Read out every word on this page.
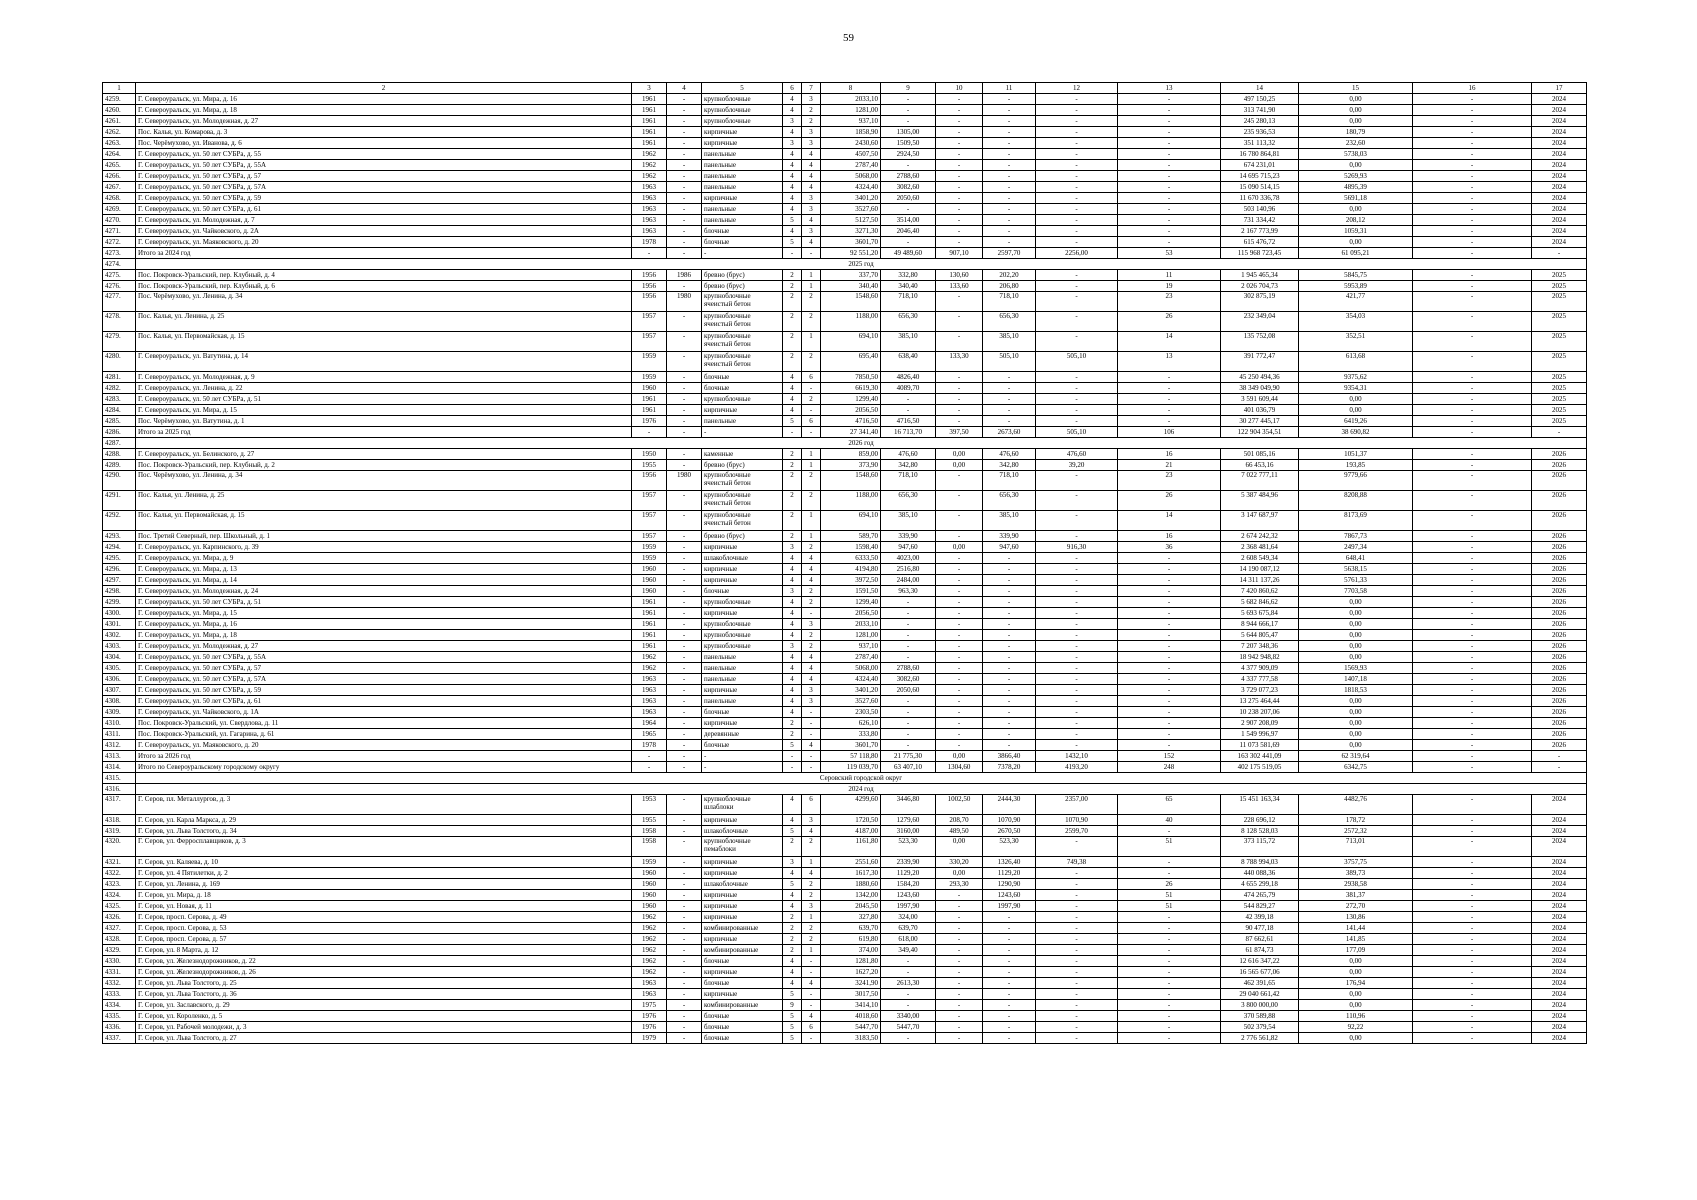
59
1	2	3	4	5	6	7	8	9	10	11	12	13	14	15	16	17
4259.	Г. Североуральск, ул. Мира, д. 16	1961	-	крупноблочные	4	3	2033,10	-	-	-	-	-	497 150,25	0,00	-	2024
4260.	Г. Североуральск, ул. Мира, д. 18	1961	-	крупноблочные	4	2	1281,00	-	-	-	-	-	313 741,90	0,00	-	2024
4261.	Г. Североуральск, ул. Молодежная, д. 27	1961	-	крупноблочные	3	2	937,10	-	-	-	-	-	245 280,13	0,00	-	2024
4262.	Пос. Калья, ул. Комарова, д. 3	1961	-	кирпичные	4	3	1858,90	1305,00	-	-	-	-	235 936,53	180,79	-	2024
4263.	Пос. Черёмухово, ул. Иванова, д. 6	1961	-	кирпичные	3	3	2430,60	1509,50	-	-	-	-	351 113,32	232,60	-	2024
4264.	Г. Североуральск, ул. 50 лет СУБРа, д. 55	1962	-	панельные	4	4	4507,50	2924,50	-	-	-	-	16 780 864,81	5738,03	-	2024
4265.	Г. Североуральск, ул. 50 лет СУБРа, д. 55А	1962	-	панельные	4	4	2787,40	-	-	-	-	-	674 231,01	0,00	-	2024
4266.	Г. Североуральск, ул. 50 лет СУБРа, д. 57	1962	-	панельные	4	4	5068,00	2788,60	-	-	-	-	14 695 715,23	5269,93	-	2024
4267.	Г. Североуральск, ул. 50 лет СУБРа, д. 57А	1963	-	панельные	4	4	4324,40	3082,60	-	-	-	-	15 090 514,15	4895,39	-	2024
4268.	Г. Североуральск, ул. 50 лет СУБРа, д. 59	1963	-	кирпичные	4	3	3401,20	2050,60	-	-	-	-	11 670 336,78	5691,18	-	2024
4269.	Г. Североуральск, ул. 50 лет СУБРа, д. 61	1963	-	панельные	4	3	3527,60	-	-	-	-	-	503 140,96	0,00	-	2024
4270.	Г. Североуральск, ул. Молодежная, д. 7	1963	-	панельные	5	4	5127,50	3514,00	-	-	-	-	731 334,42	208,12	-	2024
4271.	Г. Североуральск, ул. Чайковского, д. 2А	1963	-	блочные	4	3	3271,30	2046,40	-	-	-	-	2 167 773,99	1059,31	-	2024
4272.	Г. Североуральск, ул. Маяковского, д. 20	1978	-	блочные	5	4	3601,70	-	-	-	-	-	615 476,72	0,00	-	2024
4273.	Итого за 2024 год	-	-	-	-	-	92 551,20	49 489,60	907,10	2597,70	2256,00	53	115 968 723,45	61 095,21	-	-
4274.	2025 год															
4275.	Пос. Покровск-Уральский, пер. Клубный, д. 4	1956	1986	бревно (брус)	2	1	337,70	332,80	130,60	202,20	-	11	1 945 465,34	5845,75	-	2025
4276.	Пос. Покровск-Уральский, пер. Клубный, д. 6	1956	-	бревно (брус)	2	1	340,40	340,40	133,60	206,80	-	19	2 026 704,73	5953,89	-	2025
4277.	Пос. Черёмухово, ул. Ленина, д. 34	1956	1980	крупноблочные ячеистый бетон	2	2	1548,60	718,10	-	718,10	-	23	302 875,19	421,77	-	2025
4278.	Пос. Калья, ул. Ленина, д. 25	1957	-	крупноблочные ячеистый бетон	2	2	1188,00	656,30	-	656,30	-	26	232 349,04	354,03	-	2025
4279.	Пос. Калья, ул. Первомайская, д. 15	1957	-	крупноблочные ячеистый бетон	2	1	694,10	385,10	-	385,10	-	14	135 752,08	352,51	-	2025
4280.	Г. Североуральск, ул. Ватутина, д. 14	1959	-	крупноблочные ячеистый бетон	2	2	695,40	638,40	133,30	505,10	505,10	13	391 772,47	613,68	-	2025
4281.	Г. Североуральск, ул. Молодежная, д. 9	1959	-	блочные	4	6	7850,50	4826,40	-	-	-	-	45 250 494,36	9375,62	-	2025
4282.	Г. Североуральск, ул. Ленина, д. 22	1960	-	блочные	4	-	6619,30	4089,70	-	-	-	-	38 349 049,90	9354,31	-	2025
4283.	Г. Североуральск, ул. 50 лет СУБРа, д. 51	1961	-	крупноблочные	4	2	1299,40	-	-	-	-	-	3 591 609,44	0,00	-	2025
4284.	Г. Североуральск, ул. Мира, д. 15	1961	-	кирпичные	4	-	2056,50	-	-	-	-	-	401 036,79	0,00	-	2025
4285.	Пос. Черёмухово, ул. Ватутина, д. 1	1976	-	панельные	5	6	4716,50	4716,50	-	-	-	-	30 277 445,17	6419,26	-	2025
4286.	Итого за 2025 год	-	-	-	-	-	27 341,40	16 713,70	397,50	2673,60	505,10	106	122 904 354,51	38 690,82	-	-
4287.	2026 год															
4288.	Г. Североуральск, ул. Белинского, д. 27	1950	-	каменные	2	1	859,00	476,60	0,00	476,60	476,60	16	501 085,16	1051,37	-	2026
4289.	Пос. Покровск-Уральский, пер. Клубный, д. 2	1955	-	бревно (брус)	2	1	373,90	342,80	0,00	342,80	39,20	21	66 453,16	193,85	-	2026
4290.	Пос. Черёмухово, ул. Ленина, д. 34	1956	1980	крупноблочные ячеистый бетон	2	2	1548,60	718,10	-	718,10	-	23	7 022 777,11	9779,66	-	2026
4291.	Пос. Калья, ул. Ленина, д. 25	1957	-	крупноблочные ячеистый бетон	2	2	1188,00	656,30	-	656,30	-	26	5 387 484,96	8208,88	-	2026
4292.	Пос. Калья, ул. Первомайская, д. 15	1957	-	крупноблочные ячеистый бетон	2	1	694,10	385,10	-	385,10	-	14	3 147 687,97	8173,69	-	2026
4293.	Пос. Третий Северный, пер. Школьный, д. 1	1957	-	бревно (брус)	2	1	589,70	339,90	-	339,90	-	16	2 674 242,32	7867,73	-	2026
4294.	Г. Североуральск, ул. Карпинского, д. 39	1959	-	кирпичные	3	2	1598,40	947,60	0,00	947,60	916,30	36	2 368 481,64	2497,34	-	2026
4295.	Г. Североуральск, ул. Мира, д. 9	1959	-	шлакоблочные	4	4	6333,50	4023,00	-	-	-	-	2 608 549,34	648,41	-	2026
4296.	Г. Североуральск, ул. Мира, д. 13	1960	-	кирпичные	4	4	4194,80	2516,80	-	-	-	-	14 190 087,12	5638,15	-	2026
4297.	Г. Североуральск, ул. Мира, д. 14	1960	-	кирпичные	4	4	3972,50	2484,00	-	-	-	-	14 311 137,26	5761,33	-	2026
4298.	Г. Североуральск, ул. Молодежная, д. 24	1960	-	блочные	3	2	1591,50	963,30	-	-	-	-	7 420 860,62	7703,58	-	2026
4299.	Г. Североуральск, ул. 50 лет СУБРа, д. 51	1961	-	крупноблочные	4	2	1299,40	-	-	-	-	-	5 682 846,62	0,00	-	2026
4300.	Г. Североуральск, ул. Мира, д. 15	1961	-	кирпичные	4	-	2056,50	-	-	-	-	-	5 693 675,84	0,00	-	2026
4301.	Г. Североуральск, ул. Мира, д. 16	1961	-	крупноблочные	4	3	2033,10	-	-	-	-	-	8 944 666,17	0,00	-	2026
4302.	Г. Североуральск, ул. Мира, д. 18	1961	-	крупноблочные	4	2	1281,00	-	-	-	-	-	5 644 805,47	0,00	-	2026
4303.	Г. Североуральск, ул. Молодежная, д. 27	1961	-	крупноблочные	3	2	937,10	-	-	-	-	-	7 207 348,36	0,00	-	2026
4304.	Г. Североуральск, ул. 50 лет СУБРа, д. 55А	1962	-	панельные	4	4	2787,40	-	-	-	-	-	18 942 948,82	0,00	-	2026
4305.	Г. Североуральск, ул. 50 лет СУБРа, д. 57	1962	-	панельные	4	4	5068,00	2788,60	-	-	-	-	4 377 909,09	1569,93	-	2026
4306.	Г. Североуральск, ул. 50 лет СУБРа, д. 57А	1963	-	панельные	4	4	4324,40	3082,60	-	-	-	-	4 337 777,58	1407,18	-	2026
4307.	Г. Североуральск, ул. 50 лет СУБРа, д. 59	1963	-	кирпичные	4	3	3401,20	2050,60	-	-	-	-	3 729 077,23	1818,53	-	2026
4308.	Г. Североуральск, ул. 50 лет СУБРа, д. 61	1963	-	панельные	4	3	3527,60	-	-	-	-	-	13 275 464,44	0,00	-	2026
4309.	Г. Североуральск, ул. Чайковского, д. 1А	1963	-	блочные	4	-	2303,50	-	-	-	-	-	10 238 207,06	0,00	-	2026
4310.	Пос. Покровск-Уральский, ул. Свердлова, д. 11	1964	-	кирпичные	2	-	626,10	-	-	-	-	-	2 907 208,09	0,00	-	2026
4311.	Пос. Покровск-Уральский, ул. Гагарина, д. 61	1965	-	деревянные	2	-	333,80	-	-	-	-	-	1 549 996,97	0,00	-	2026
4312.	Г. Североуральск, ул. Маяковского, д. 20	1978	-	блочные	5	4	3601,70	-	-	-	-	-	11 073 581,69	0,00	-	2026
4313.	Итого за 2026 год	-	-	-	-	-	57 118,80	21 775,30	0,00	3866,40	1432,10	152	163 302 441,09	62 319,64	-	-
4314.	Итого по Североуральскому городскому округу	-	-	-	-	-	119 039,70	63 407,10	1304,60	7378,20	4193,20	248	402 175 519,05	6342,75	-	-
4315.	Серовский городской округ															
4316.	2024 год															
4317.	Г. Серов, пл. Металлургов, д. 3	1953	-	крупноблочные шлаблоки	4	6	4299,60	3446,80	1002,50	2444,30	2357,00	65	15 451 163,34	4482,76	-	2024
4318.	Г. Серов, ул. Карла Маркса, д. 29	1955	-	кирпичные	4	3	1720,50	1279,60	208,70	1070,90	1070,90	40	228 696,12	178,72	-	2024
4319.	Г. Серов, ул. Льва Толстого, д. 34	1958	-	шлакоблочные	5	4	4187,00	3160,00	489,50	2670,50	2599,70	-	8 128 528,03	2572,32	-	2024
4320.	Г. Серов, ул. Ферросплавщиков, д. 3	1958	-	крупноблочные пемаблоки	2	2	1161,80	523,30	0,00	523,30	-	51	373 115,72	713,01	-	2024
4321.	Г. Серов, ул. Каляева, д. 10	1959	-	кирпичные	3	1	2551,60	2339,90	330,20	1326,40	749,38	-	8 788 994,03	3757,75	-	2024
4322.	Г. Серов, ул. 4 Пятилетки, д. 2	1960	-	кирпичные	4	4	1617,30	1129,20	0,00	1129,20	-	-	440 088,36	389,73	-	2024
4323.	Г. Серов, ул. Ленина, д. 169	1960	-	шлакоблочные	5	2	1880,60	1584,20	293,30	1290,90	-	26	4 655 299,18	2938,58	-	2024
4324.	Г. Серов, ул. Мира, д. 18	1960	-	кирпичные	4	2	1342,00	1243,60	-	1243,60	-	51	474 265,79	381,37	-	2024
4325.	Г. Серов, ул. Новая, д. 11	1960	-	кирпичные	4	3	2045,50	1997,90	-	1997,90	-	51	544 829,27	272,70	-	2024
4326.	Г. Серов, просп. Серова, д. 49	1962	-	кирпичные	2	1	327,80	324,00	-	-	-	-	42 399,18	130,86	-	2024
4327.	Г. Серов, просп. Серова, д. 53	1962	-	комбинированные	2	2	639,70	639,70	-	-	-	-	90 477,18	141,44	-	2024
4328.	Г. Серов, просп. Серова, д. 57	1962	-	кирпичные	2	2	619,80	618,00	-	-	-	-	87 662,61	141,85	-	2024
4329.	Г. Серов, ул. 8 Марта, д. 12	1962	-	комбинированные	2	1	374,00	349,40	-	-	-	-	61 874,73	177,09	-	2024
4330.	Г. Серов, ул. Железнодорожников, д. 22	1962	-	блочные	4	-	1281,80	-	-	-	-	-	12 616 347,22	0,00	-	2024
4331.	Г. Серов, ул. Железнодорожников, д. 26	1962	-	кирпичные	4	-	1627,20	-	-	-	-	-	16 565 677,06	0,00	-	2024
4332.	Г. Серов, ул. Льва Толстого, д. 25	1963	-	блочные	4	4	3241,90	2613,30	-	-	-	-	462 391,65	176,94	-	2024
4333.	Г. Серов, ул. Льва Толстого, д. 36	1963	-	кирпичные	5	-	3017,50	-	-	-	-	-	29 040 661,42	0,00	-	2024
4334.	Г. Серов, ул. Заславского, д. 29	1975	-	комбинированные	9	-	3414,10	-	-	-	-	-	3 800 000,00	0,00	-	2024
4335.	Г. Серов, ул. Короленко, д. 5	1976	-	блочные	5	4	4018,60	3340,00	-	-	-	-	370 589,88	110,96	-	2024
4336.	Г. Серов, ул. Рабочей молодежи, д. 3	1976	-	блочные	5	6	5447,70	5447,70	-	-	-	-	502 379,54	92,22	-	2024
4337.	Г. Серов, ул. Льва Толстого, д. 27	1979	-	блочные	5	-	3183,50	-	-	-	-	-	2 776 561,82	0,00	-	2024
